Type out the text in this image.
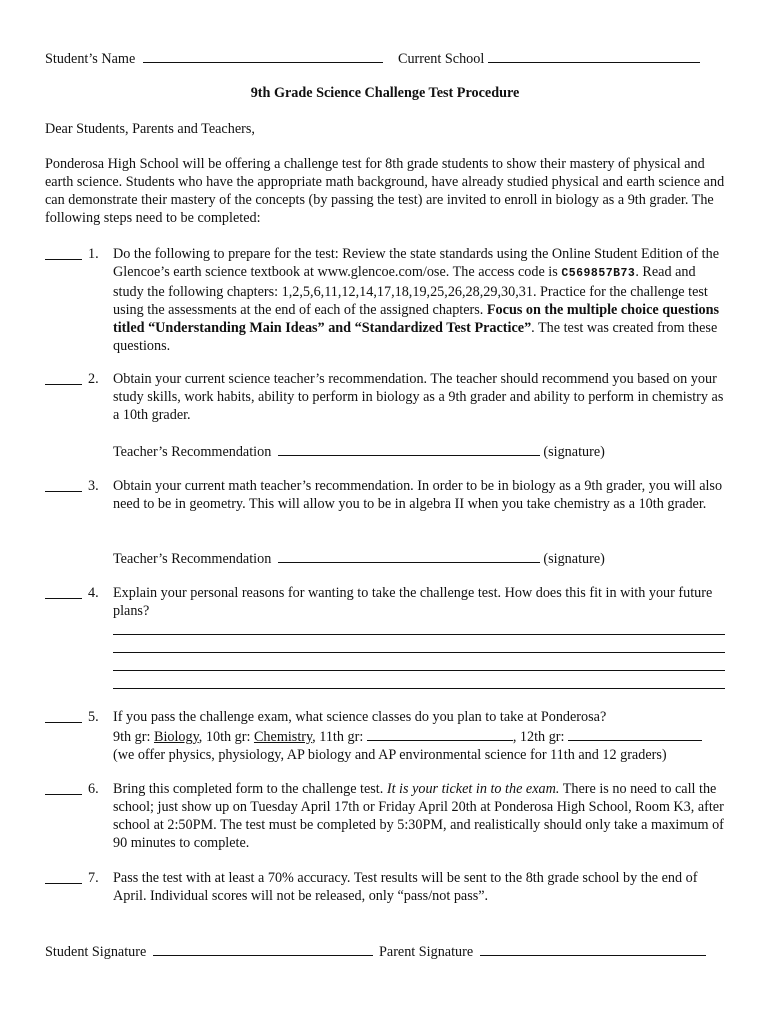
Student’s Name	Current School
9th Grade Science Challenge Test Procedure
Dear Students, Parents and Teachers,
Ponderosa High School will be offering a challenge test for 8th grade students to show their mastery of physical and earth science. Students who have the appropriate math background, have already studied physical and earth science and can demonstrate their mastery of the concepts (by passing the test) are invited to enroll in biology as a 9th grader. The following steps need to be completed:
1. Do the following to prepare for the test: Review the state standards using the Online Student Edition of the Glencoe’s earth science textbook at www.glencoe.com/ose. The access code is C569857B73. Read and study the following chapters: 1,2,5,6,11,12,14,17,18,19,25,26,28,29,30,31. Practice for the challenge test using the assessments at the end of each of the assigned chapters. Focus on the multiple choice questions titled “Understanding Main Ideas” and “Standardized Test Practice”. The test was created from these questions.
2. Obtain your current science teacher’s recommendation. The teacher should recommend you based on your study skills, work habits, ability to perform in biology as a 9th grader and ability to perform in chemistry as a 10th grader.
Teacher’s Recommendation	(signature)
3. Obtain your current math teacher’s recommendation. In order to be in biology as a 9th grader, you will also need to be in geometry. This will allow you to be in algebra II when you take chemistry as a 10th grader.
Teacher’s Recommendation	(signature)
4. Explain your personal reasons for wanting to take the challenge test. How does this fit in with your future plans?
5. If you pass the challenge exam, what science classes do you plan to take at Ponderosa?
9th gr: Biology, 10th gr: Chemistry, 11th gr:	, 12th gr:
(we offer physics, physiology, AP biology and AP environmental science for 11th and 12 graders)
6. Bring this completed form to the challenge test. It is your ticket in to the exam. There is no need to call the school; just show up on Tuesday April 17th or Friday April 20th at Ponderosa High School, Room K3, after school at 2:50PM. The test must be completed by 5:30PM, and realistically should only take a maximum of 90 minutes to complete.
7. Pass the test with at least a 70% accuracy. Test results will be sent to the 8th grade school by the end of April. Individual scores will not be released, only “pass/not pass”.
Student Signature	Parent Signature
